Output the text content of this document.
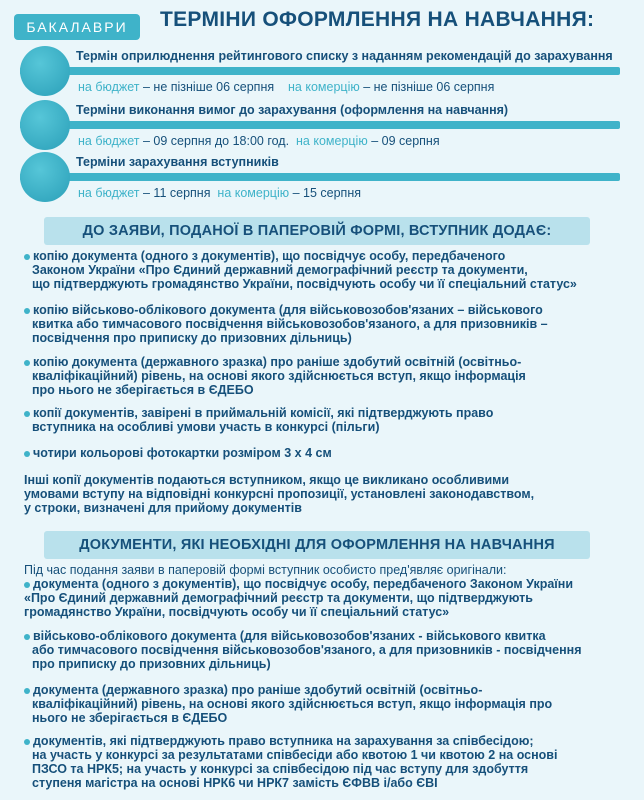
БАКАЛАВРИ	ТЕРМІНИ ОФОРМЛЕННЯ НА НАВЧАННЯ:
Термін оприлюднення рейтингового списку з наданням рекомендацій до зарахування
на бюджет – не пізніше 06 серпня на комерцію – не пізніше 06 серпня
Терміни виконання вимог до зарахування (оформлення на навчання)
на бюджет – 09 серпня до 18:00 год. на комерцію – 09 серпня
Терміни зарахування вступників
на бюджет – 11 серпня на комерцію – 15 серпня
ДО ЗАЯВИ, ПОДАНОЇ В ПАПЕРОВІЙ ФОРМІ, ВСТУПНИК ДОДАЄ:
копію документа (одного з документів), що посвідчує особу, передбаченого
Законом України «Про Єдиний державний демографічний реєстр та документи,
що підтверджують громадянство України, посвідчують особу чи її спеціальний статус»
копію військово-облікового документа (для військовозобов'язаних – військового
квитка або тимчасового посвідчення військовозобов'язаного, а для призовників –
посвідчення про приписку до призовних дільниць)
копію документа (державного зразка) про раніше здобутий освітній (освітньо-
кваліфікаційний) рівень, на основі якого здійснюється вступ, якщо інформація
про нього не зберігається в ЄДЕБО
копії документів, завірені в приймальній комісії, які підтверджують право
вступника на особливі умови участь в конкурсі (пільги)
чотири кольорові фотокартки розміром 3 х 4 см
Інші копії документів подаються вступником, якщо це викликано особливими
умовами вступу на відповідні конкурсні пропозиції, установлені законодавством,
у строки, визначені для прийому документів
ДОКУМЕНТИ, ЯКІ НЕОБХІДНІ ДЛЯ ОФОРМЛЕННЯ НА НАВЧАННЯ
Під час подання заяви в паперовій формі вступник особисто пред'являє оригінали:
документа (одного з документів), що посвідчує особу, передбаченого Законом України
«Про Єдиний державний демографічний реєстр та документи, що підтверджують
громадянство України, посвідчують особу чи її спеціальний статус»
військово-облікового документа (для військовозобов'язаних - військового квитка
або тимчасового посвідчення військовозобов'язаного, а для призовників - посвідчення
про приписку до призовних дільниць)
документа (державного зразка) про раніше здобутий освітній (освітньо-
кваліфікаційний) рівень, на основі якого здійснюється вступ, якщо інформація про
нього не зберігається в ЄДЕБО
документів, які підтверджують право вступника на зарахування за співбесідою;
на участь у конкурсі за результатами співбесіди або квотою 1 чи квотою 2 на основі
ПЗСО та НРК5; на участь у конкурсі за співбесідою під час вступу для здобуття
ступеня магістра на основі НРК6 чи НРК7 замість ЄФВВ і/або ЄВІ
